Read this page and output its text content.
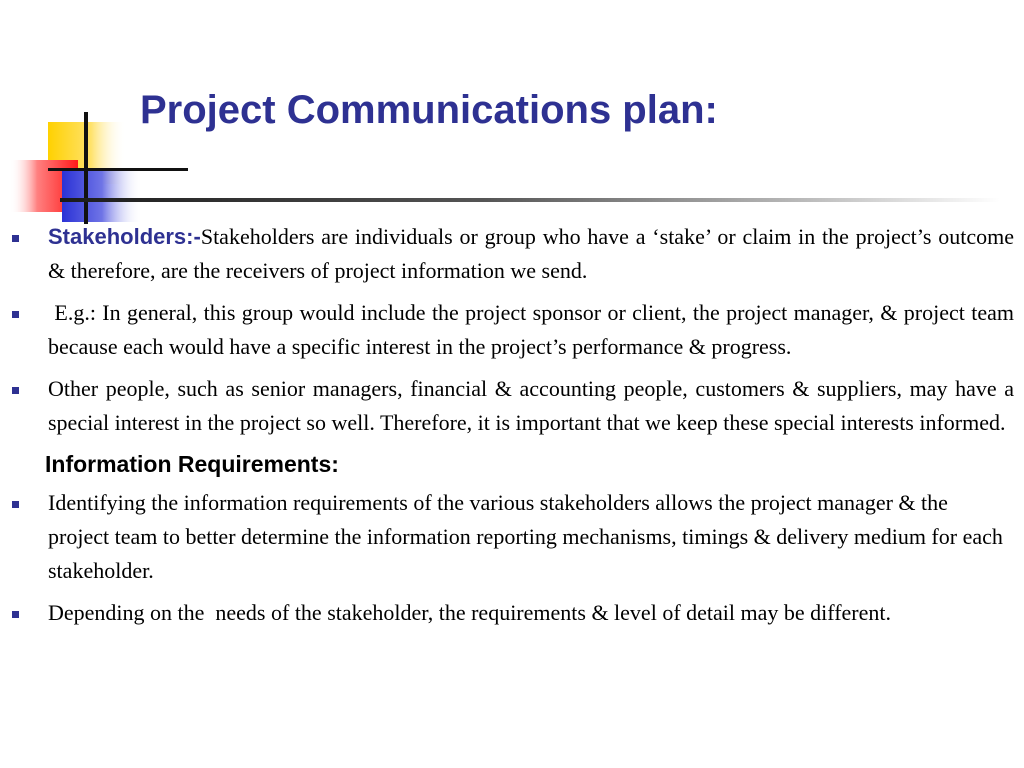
Project Communications plan:
Stakeholders:-Stakeholders are individuals or group who have a ‘stake’ or claim in the project’s outcome & therefore, are the receivers of project information we send.
E.g.: In general, this group would include the project sponsor or client, the project manager, & project team because each would have a specific interest in the project’s performance & progress.
Other people, such as senior managers, financial & accounting people, customers & suppliers, may have a special interest in the project so well. Therefore, it is important that we keep these special interests informed.
Information Requirements:
Identifying the information requirements of the various stakeholders allows the project manager & the project team to better determine the information reporting mechanisms, timings & delivery medium for each stakeholder.
Depending on the  needs of the stakeholder, the requirements & level of detail may be different.
